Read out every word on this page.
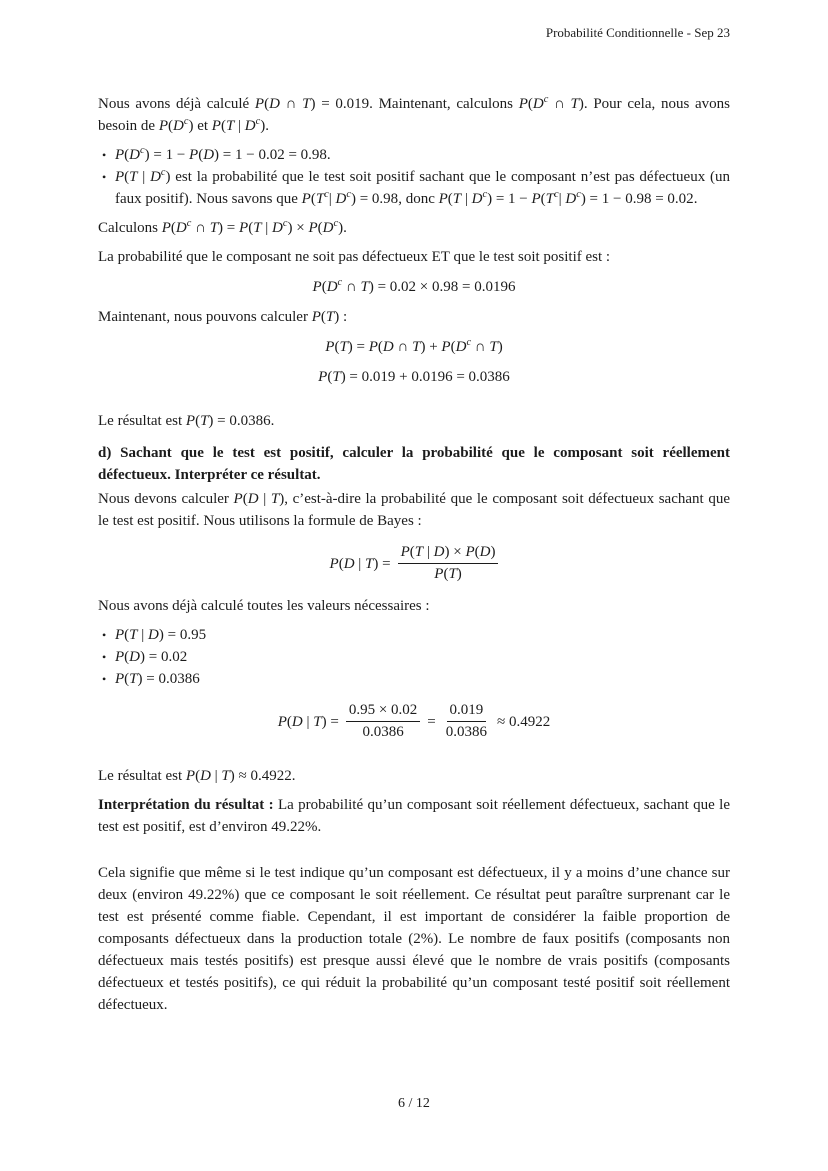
Probabilité Conditionnelle - Sep 23

Nous avons déjà calculé P(D ∩ T) = 0.019. Maintenant, calculons $P(D^c$ ∩ T). Pour cela, nous avons besoin de $P(D^c)$ et P(T | $D^c$).

• $P(D^c) = 1 - P(D) = 1 - 0.02 = 0.98$.
• P(T | $D^c$) est la probabilité que le test soit positif sachant que le composant n’est pas défectueux (un faux positif). Nous savons que $P(T^c|$ $D^c) = 0.98$, donc P(T | $D^c) = 1 - P(T^c|$ $D^c) = 1 - 0.98 = 0.02$.

Calculons $P(D^c$ ∩ T) = P(T | $D^c) \times P(D^c)$.

La probabilité que le composant ne soit pas défectueux ET que le test soit positif est :

$P(D^c$ ∩ T) = 0.02 × 0.98 = 0.0196

Maintenant, nous pouvons calculer P(T) :

P(T) = P(D ∩ $T) + P(D^c$ ∩ T)

P(T) = 0.019 + 0.0196 = 0.0386

Le résultat est P(T) = 0.0386.

d) Sachant que le test est positif, calculer la probabilité que le composant soit réellement défectueux. Interpréter ce résultat.

Nous devons calculer P(D | T), c’est-à-dire la probabilité que le composant soit défectueux sachant que le test est positif. Nous utilisons la formule de Bayes :

P(D | $T) = \frac{P(T | D) \times P(D)}{P(T)}$

Nous avons déjà calculé toutes les valeurs nécessaires :

• P(T | D) = 0.95
• P(D) = 0.02
• P(T) = 0.0386
P(D | $T) = \frac{0.95 \times 0.02}{0.0386} = \frac{0.019}{0.0386} \approx 0.4922$

Le résultat est P(D | T) ≈ 0.4922.

Interprétation du résultat : La probabilité qu’un composant soit réellement défectueux, sachant que le test est positif, est d’environ 49.22%.

Cela signifie que même si le test indique qu’un composant est défectueux, il y a moins d’une chance sur deux (environ 49.22%) que ce composant le soit réellement. Ce résultat peut paraître surprenant car le test est présenté comme fiable. Cependant, il est important de considérer la faible proportion de composants défectueux dans la production totale (2%). Le nombre de faux positifs (composants non défectueux mais testés positifs) est presque aussi élevé que le nombre de vrais positifs (composants défectueux et testés positifs), ce qui réduit la probabilité qu’un composant testé positif soit réellement défectueux.

6 / 12
